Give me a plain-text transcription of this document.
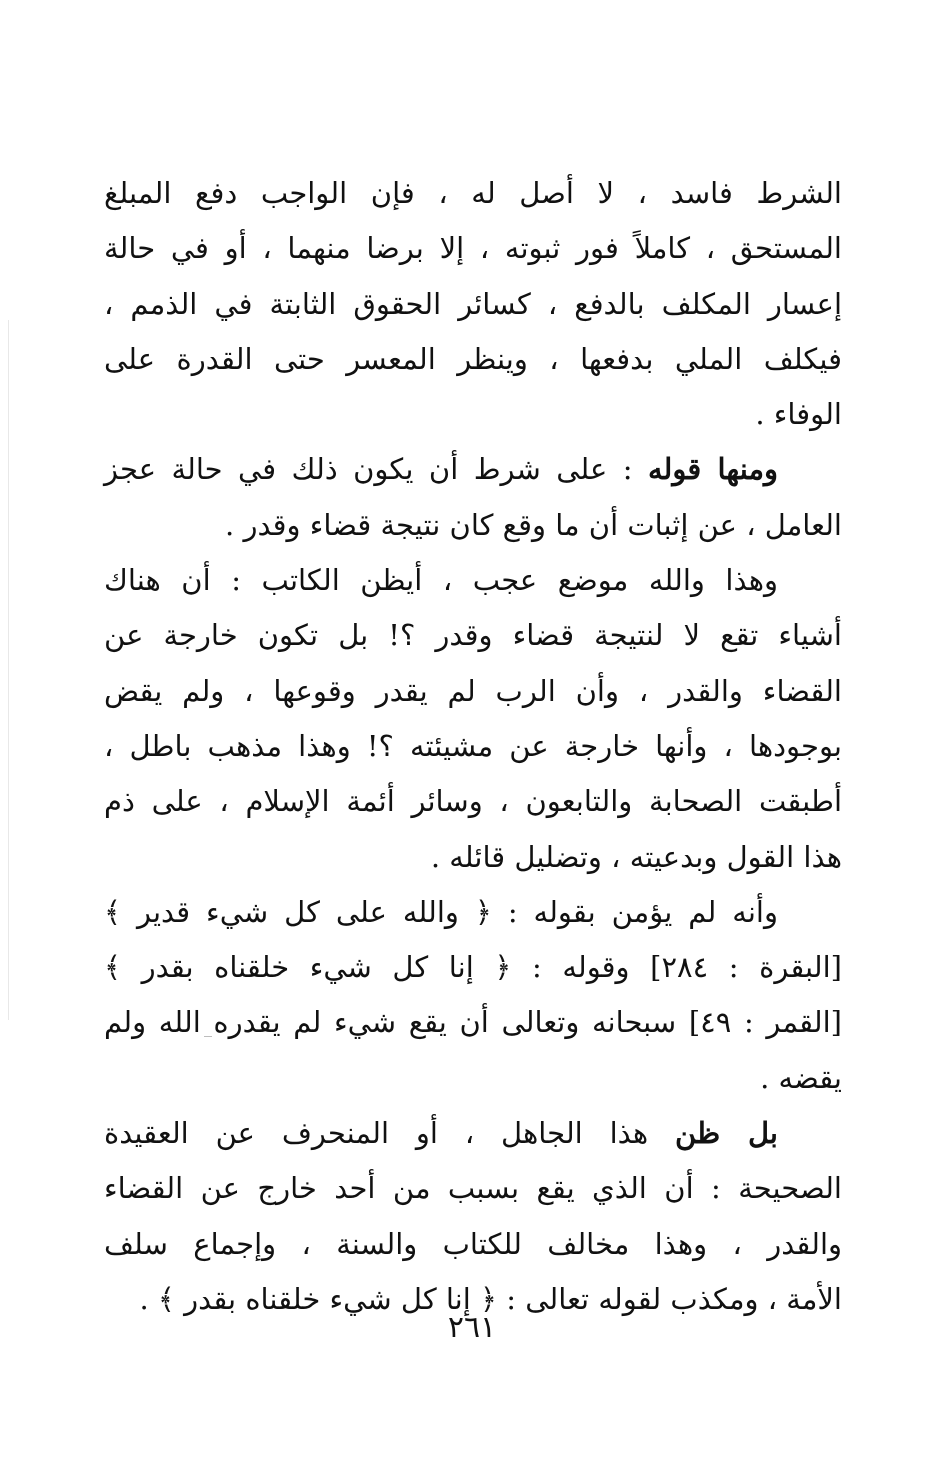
الشرط فاسد ، لا أصل له ، فإن الواجب دفع المبلغ
المستحق ، كاملاً فور ثبوته ، إلا برضا منهما ، أو في حالة
إعسار المكلف بالدفع ، كسائر الحقوق الثابتة في الذمم ،
فيكلف الملي بدفعها ، وينظر المعسر حتى القدرة على
الوفاء .
ومنها قوله : على شرط أن يكون ذلك في حالة عجز
العامل ، عن إثبات أن ما وقع كان نتيجة قضاء وقدر .
وهذا والله موضع عجب ، أيظن الكاتب : أن هناك
أشياء تقع لا لنتيجة قضاء وقدر ؟! بل تكون خارجة عن
القضاء والقدر ، وأن الرب لم يقدر وقوعها ، ولم يقض
بوجودها ، وأنها خارجة عن مشيئته ؟! وهذا مذهب باطل ،
أطبقت الصحابة والتابعون ، وسائر أئمة الإسلام ، على ذم
هذا القول وبدعيته ، وتضليل قائله .
وأنه لم يؤمن بقوله : ﴿ والله على كل شيء قدير ﴾
[البقرة : ٢٨٤] وقوله : ﴿ إنا كل شيء خلقناه بقدر ﴾
[القمر : ٤٩] سبحانه وتعالى أن يقع شيء لم يقدره الله ولم
يقضه .
بل ظن هذا الجاهل ، أو المنحرف عن العقيدة
الصحيحة : أن الذي يقع بسبب من أحد خارج عن القضاء
والقدر ، وهذا مخالف للكتاب والسنة ، وإجماع سلف
الأمة ، ومكذب لقوله تعالى : ﴿ إنا كل شيء خلقناه بقدر ﴾ .
٢٦١
